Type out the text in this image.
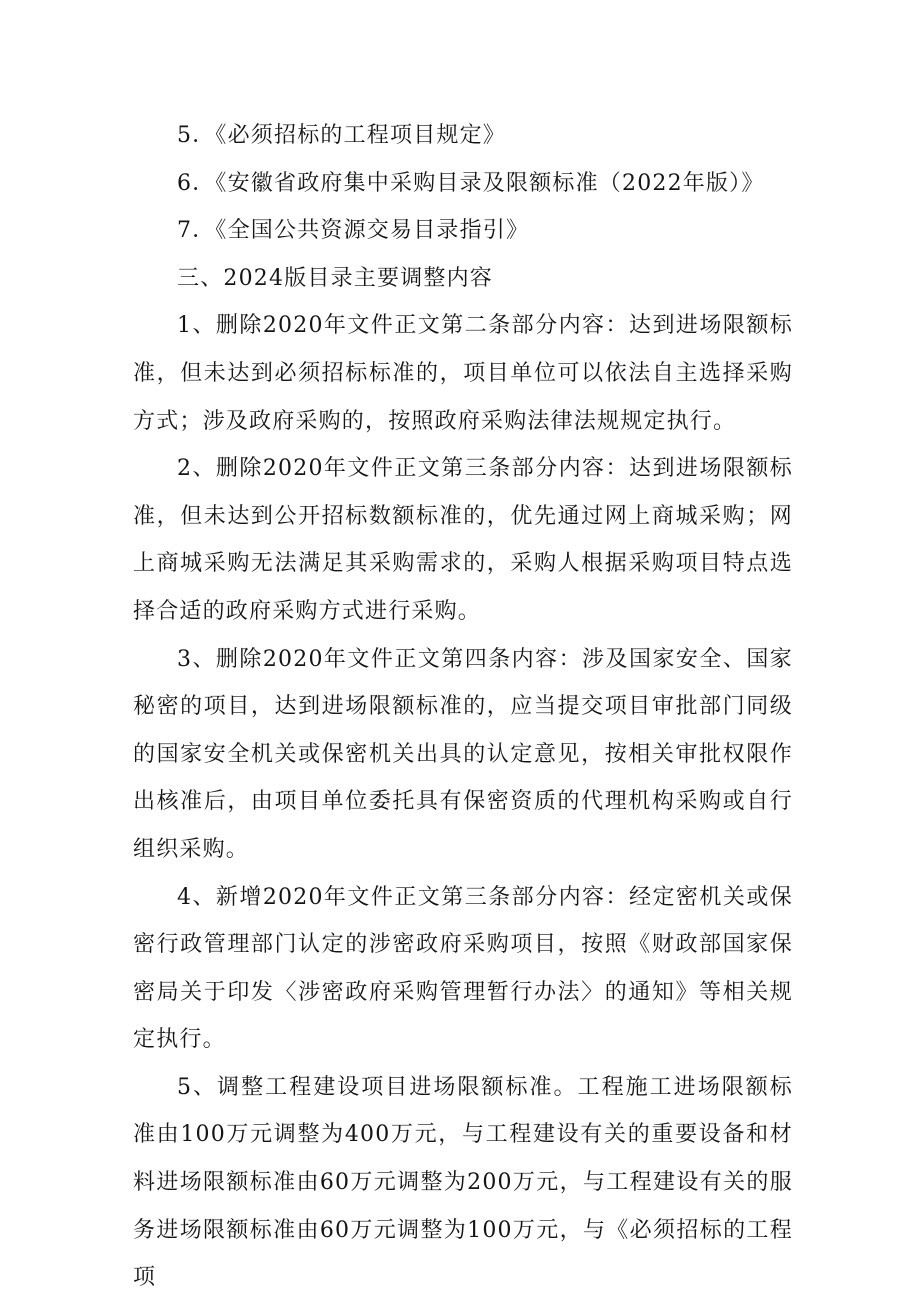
5．《必须招标的工程项目规定》

6．《安徽省政府集中采购目录及限额标准（2022年版）》

7．《全国公共资源交易目录指引》

三、2024版目录主要调整内容

1、删除2020年文件正文第二条部分内容：达到进场限额标准，但未达到必须招标标准的，项目单位可以依法自主选择采购方式；涉及政府采购的，按照政府采购法律法规规定执行。

2、删除2020年文件正文第三条部分内容：达到进场限额标准，但未达到公开招标数额标准的，优先通过网上商城采购；网上商城采购无法满足其采购需求的，采购人根据采购项目特点选择合适的政府采购方式进行采购。

3、删除2020年文件正文第四条内容：涉及国家安全、国家秘密的项目，达到进场限额标准的，应当提交项目审批部门同级的国家安全机关或保密机关出具的认定意见，按相关审批权限作出核准后，由项目单位委托具有保密资质的代理机构采购或自行组织采购。

4、新增2020年文件正文第三条部分内容：经定密机关或保密行政管理部门认定的涉密政府采购项目，按照《财政部国家保密局关于印发〈涉密政府采购管理暂行办法〉的通知》等相关规定执行。

5、调整工程建设项目进场限额标准。工程施工进场限额标准由100万元调整为400万元，与工程建设有关的重要设备和材料进场限额标准由60万元调整为200万元，与工程建设有关的服务进场限额标准由60万元调整为100万元，与《必须招标的工程项
